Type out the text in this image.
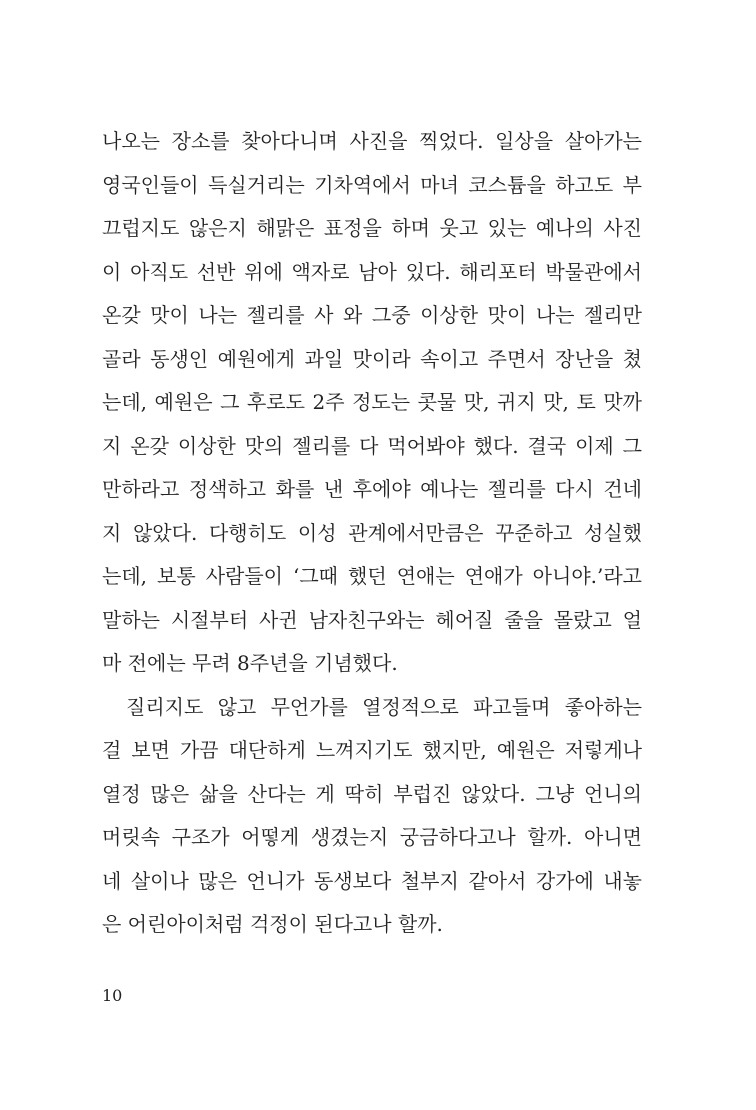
나오는 장소를 찾아다니며 사진을 찍었다. 일상을 살아가는
영국인들이 득실거리는 기차역에서 마녀 코스튬을 하고도 부
끄럽지도 않은지 해맑은 표정을 하며 웃고 있는 예나의 사진
이 아직도 선반 위에 액자로 남아 있다. 해리포터 박물관에서
온갖 맛이 나는 젤리를 사 와 그중 이상한 맛이 나는 젤리만
골라 동생인 예원에게 과일 맛이라 속이고 주면서 장난을 쳤
는데, 예원은 그 후로도 2주 정도는 콧물 맛, 귀지 맛, 토 맛까
지 온갖 이상한 맛의 젤리를 다 먹어봐야 했다. 결국 이제 그
만하라고 정색하고 화를 낸 후에야 예나는 젤리를 다시 건네
지 않았다. 다행히도 이성 관계에서만큼은 꾸준하고 성실했
는데, 보통 사람들이 ‘그때 했던 연애는 연애가 아니야.’라고
말하는 시절부터 사귄 남자친구와는 헤어질 줄을 몰랐고 얼
마 전에는 무려 8주년을 기념했다.
질리지도 않고 무언가를 열정적으로 파고들며 좋아하는
걸 보면 가끔 대단하게 느껴지기도 했지만, 예원은 저렇게나
열정 많은 삶을 산다는 게 딱히 부럽진 않았다. 그냥 언니의
머릿속 구조가 어떻게 생겼는지 궁금하다고나 할까. 아니면
네 살이나 많은 언니가 동생보다 철부지 같아서 강가에 내놓
은 어린아이처럼 걱정이 된다고나 할까.
10
